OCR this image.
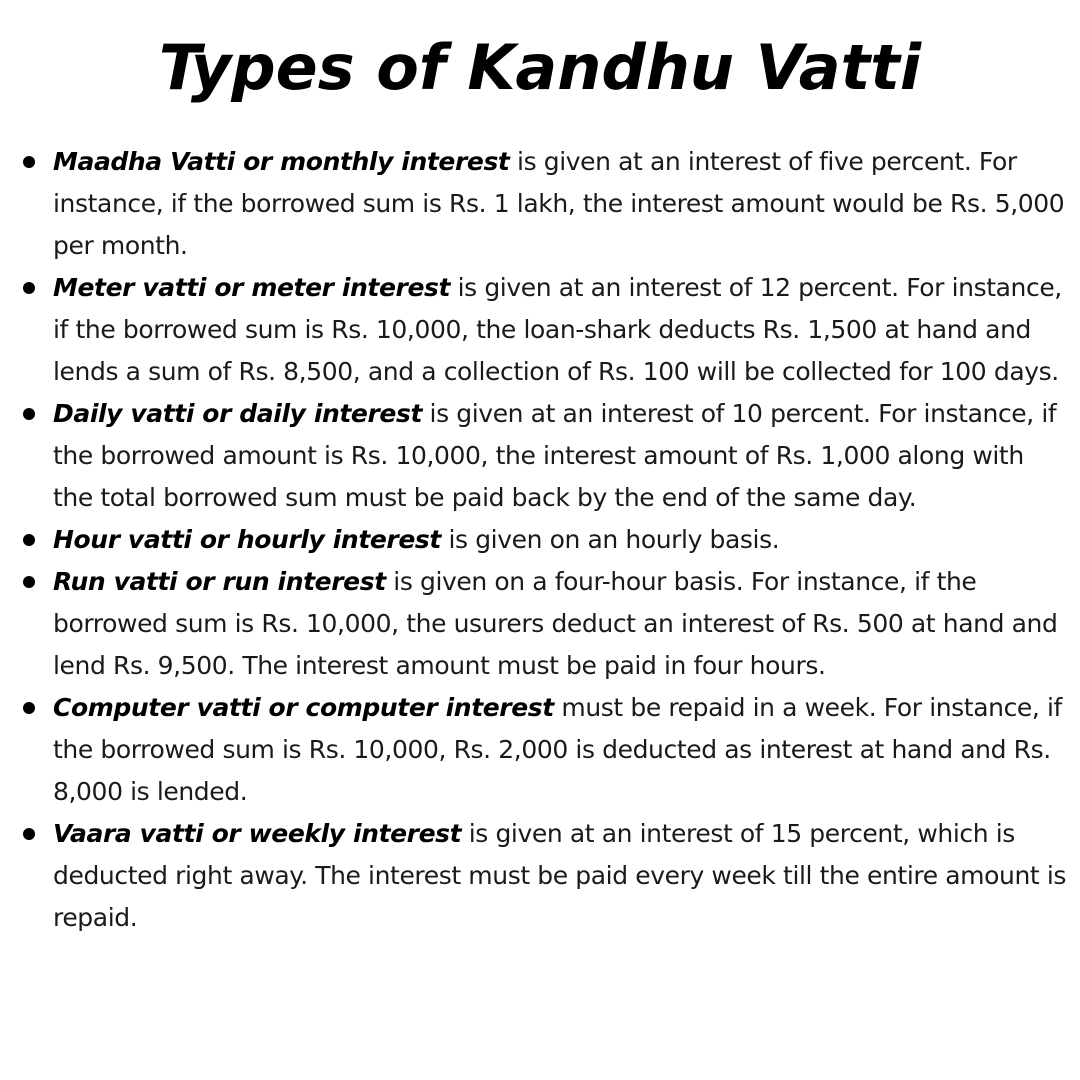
Types of Kandhu Vatti
Maadha Vatti or monthly interest is given at an interest of five percent. For instance, if the borrowed sum is Rs. 1 lakh, the interest amount would be Rs. 5,000 per month.
Meter vatti or meter interest is given at an interest of 12 percent. For instance, if the borrowed sum is Rs. 10,000, the loan-shark deducts Rs. 1,500 at hand and lends a sum of Rs. 8,500, and a collection of Rs. 100 will be collected for 100 days.
Daily vatti or daily interest is given at an interest of 10 percent. For instance, if the borrowed amount is Rs. 10,000, the interest amount of Rs. 1,000 along with the total borrowed sum must be paid back by the end of the same day.
Hour vatti or hourly interest is given on an hourly basis.
Run vatti or run interest is given on a four-hour basis. For instance, if the borrowed sum is Rs. 10,000, the usurers deduct an interest of Rs. 500 at hand and lend Rs. 9,500. The interest amount must be paid in four hours.
Computer vatti or computer interest must be repaid in a week. For instance, if the borrowed sum is Rs. 10,000, Rs. 2,000 is deducted as interest at hand and Rs. 8,000 is lended.
Vaara vatti or weekly interest is given at an interest of 15 percent, which is deducted right away. The interest must be paid every week till the entire amount is repaid.
